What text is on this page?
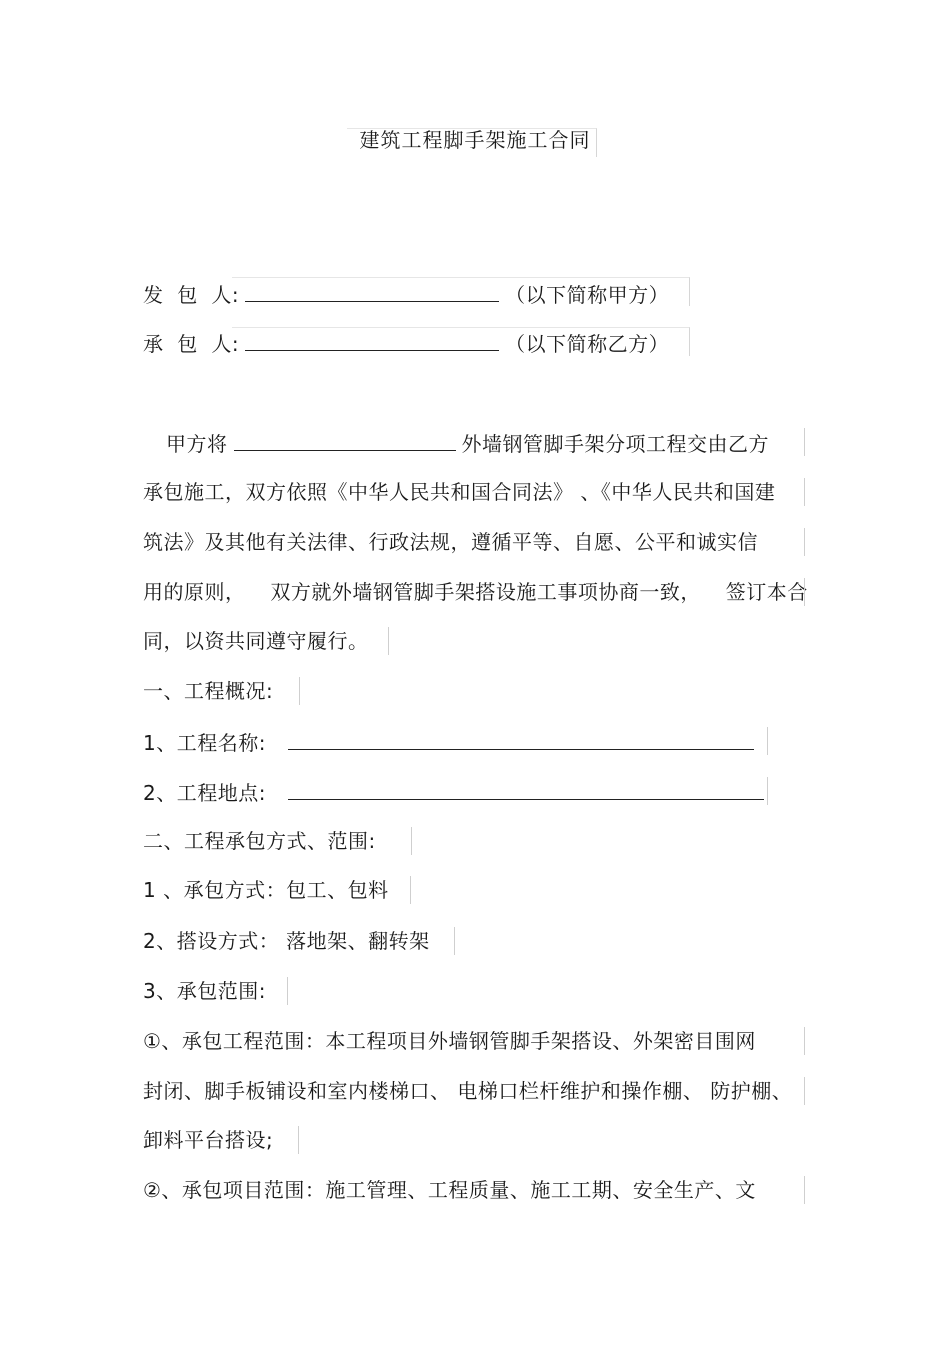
建筑工程脚手架施工合同
发  包  人:	（以下简称甲方）
承  包  人:	（以下简称乙方）
甲方将	外墙钢管脚手架分项工程交由乙方
承包施工，双方依照《中华人民共和国合同法》 、《中华人民共和国建
筑法》及其他有关法律、行政法规，遵循平等、自愿、公平和诚实信
用的原则， 双方就外墙钢管脚手架搭设施工事项协商一致， 签订本合
同，以资共同遵守履行。
一、工程概况:
1、工程名称:
2、工程地点:
二、工程承包方式、范围:
1 、承包方式：包工、包料
2、搭设方式： 落地架、翻转架
3、承包范围:
①、承包工程范围：本工程项目外墙钢管脚手架搭设、外架密目围网
封闭、脚手板铺设和室内楼梯口、 电梯口栏杆维护和操作棚、 防护棚、
卸料平台搭设;
②、承包项目范围：施工管理、工程质量、施工工期、安全生产、文
